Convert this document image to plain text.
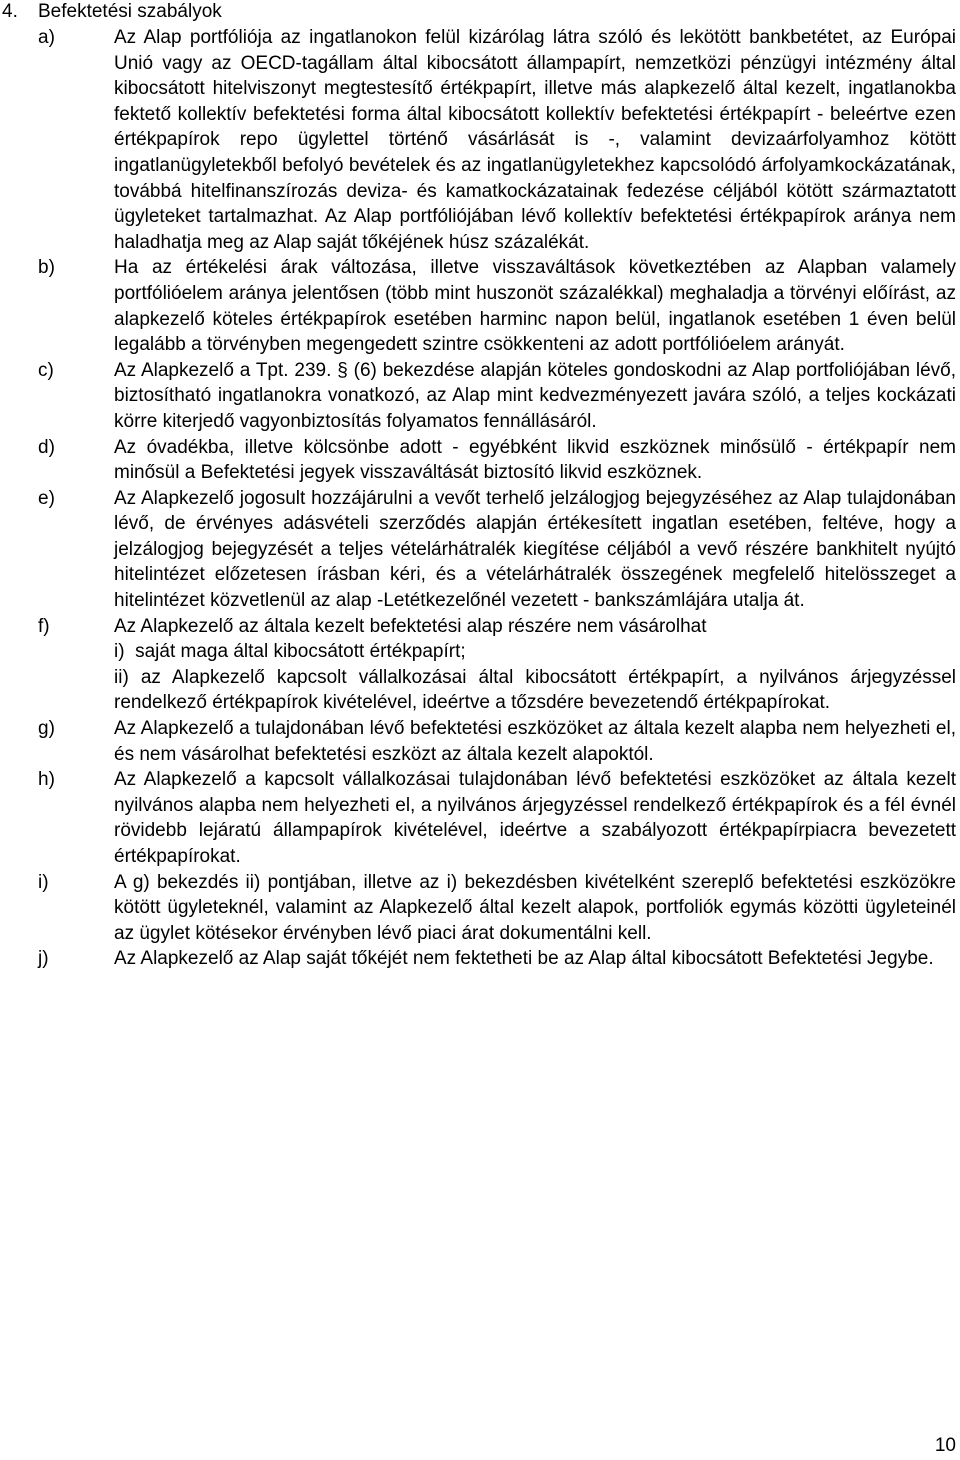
4. Befektetési szabályok
a)	Az Alap portfóliója az ingatlanokon felül kizárólag látra szóló és lekötött bankbetétet, az Európai Unió vagy az OECD-tagállam által kibocsátott állampapírt, nemzetközi pénzügyi intézmény által kibocsátott hitelviszonyt megtestesítő értékpapírt, illetve más alapkezelő által kezelt, ingatlanokba fektető kollektív befektetési forma által kibocsátott kollektív befektetési értékpapírt - beleértve ezen értékpapírok repo ügylettel történő vásárlását is -, valamint devizaárfolyamhoz kötött ingatlanügyletekből befolyó bevételek és az ingatlanügyletekhez kapcsolódó árfolyamkockázatának, továbbá hitelfinanszírozás deviza- és kamatkockázatainak fedezése céljából kötött származtatott ügyleteket tartalmazhat. Az Alap portfóliójában lévő kollektív befektetési értékpapírok aránya nem haladhatja meg az Alap saját tőkéjének húsz százalékát.

b)	Ha az értékelési árak változása, illetve visszaváltások következtében az Alapban valamely portfólióelem aránya jelentősen (több mint huszonöt százalékkal) meghaladja a törvényi előírást, az alapkezelő köteles értékpapírok esetében harminc napon belül, ingatlanok esetében 1 éven belül legalább a törvényben megengedett szintre csökkenteni az adott portfólióelem arányát.

c)	Az Alapkezelő a Tpt. 239. § (6) bekezdése alapján köteles gondoskodni az Alap portfoliójában lévő, biztosítható ingatlanokra vonatkozó, az Alap mint kedvezményezett javára szóló, a teljes kockázati körre kiterjedő vagyonbiztosítás folyamatos fennállásáról.

d)	Az óvadékba, illetve kölcsönbe adott - egyébként likvid eszköznek minősülő - értékpapír nem minősül a Befektetési jegyek visszaváltását biztosító likvid eszköznek.

e)	Az Alapkezelő jogosult hozzájárulni a vevőt terhelő jelzálogjog bejegyzéséhez az Alap tulajdonában lévő, de érvényes adásvételi szerződés alapján értékesített ingatlan esetében, feltéve, hogy a jelzálogjog bejegyzését a teljes vételárhátralék kiegítése céljából a vevő részére bankhitelt nyújtó hitelintézet előzetesen írásban kéri, és a vételárhátralék összegének megfelelő hitelösszeget a hitelintézet közvetlenül az alap -Letétkezelőnél vezetett - bankszámlájára utalja át.

f)	Az Alapkezelő az általa kezelt befektetési alap részére nem vásárolhat

i)  saját maga által kibocsátott értékpapírt;

ii) az Alapkezelő kapcsolt vállalkozásai által kibocsátott értékpapírt, a nyilvános árjegyzéssel rendelkező értékpapírok kivételével, ideértve a tőzsdére bevezetendő értékpapírokat.

g)	Az Alapkezelő a tulajdonában lévő befektetési eszközöket az általa kezelt alapba nem helyezheti el, és nem vásárolhat befektetési eszközt az általa kezelt alapoktól.

h)	Az Alapkezelő a kapcsolt vállalkozásai tulajdonában lévő befektetési eszközöket az általa kezelt nyilvános alapba nem helyezheti el, a nyilvános árjegyzéssel rendelkező értékpapírok és a fél évnél rövidebb lejáratú állampapírok kivételével, ideértve a szabályozott értékpapírpiacra bevezetett értékpapírokat.

i)	A g) bekezdés ii) pontjában, illetve az i) bekezdésben kivételként szereplő befektetési eszközökre kötött ügyleteknél, valamint az Alapkezelő által kezelt alapok, portfoliók egymás közötti ügyleteinél az ügylet kötésekor érvényben lévő piaci árat dokumentálni kell.

j)	Az Alapkezelő az Alap saját tőkéjét nem fektetheti be az Alap által kibocsátott Befektetési Jegybe.

10
